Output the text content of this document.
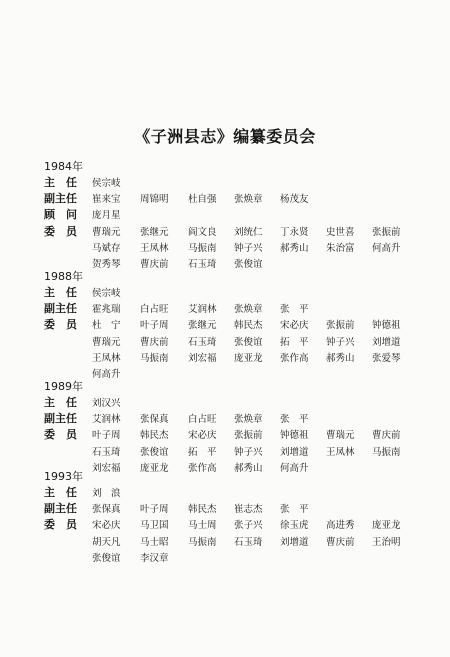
《子洲县志》编纂委员会
1984年
主　任	侯宗岐
副主任	崔来宝 周锦明 杜自强 张焕章 杨茂友
顾　问	庞月星
委　员	曹瑞元 张继元 阎文良 刘统仁 丁永贤 史世喜 张振前
马斌存 王凤林 马振南 钟子兴 郝秀山 朱治富 何高升
贺秀琴 曹庆前 石玉琦 张俊谊
1988年
主　任	侯宗岐
副主任	霍兆瑞 白占旺 艾润林 张焕章 张　平
委　员	杜　宁 叶子周 张继元 韩民杰 宋必庆 张振前 钟德祖
曹瑞元 曹庆前 石玉琦 张俊谊 拓　平 钟子兴 刘增道
王凤林 马振南 刘宏福 庞亚龙 张作高 郝秀山 张爱琴
何高升
1989年
主　任	刘汉兴
副主任	艾润林 张保真 白占旺 张焕章 张　平
委　员	叶子周 韩民杰 宋必庆 张振前 钟德祖 曹瑞元 曹庆前
石玉琦 张俊谊 拓　平 钟子兴 刘增道 王凤林 马振南
刘宏福 庞亚龙 张作高 郝秀山 何高升
1993年
主　任	刘　浪
副主任	张保真 叶子周 韩民杰 崔志杰 张　平
委　员	宋必庆 马卫国 马士周 张子兴 徐玉虎 高进秀 庞亚龙
胡天凡 马士昭 马振南 石玉琦 刘增道 曹庆前 王治明
张俊谊 李汉章
